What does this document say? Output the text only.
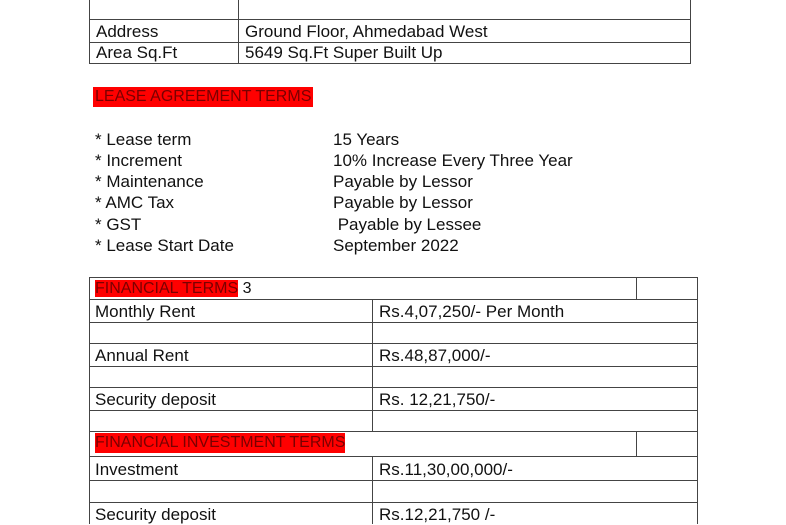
Address	Ground Floor, Ahmedabad West
Area Sq.Ft	5649 Sq.Ft Super Built Up
LEASE AGREEMENT TERMS
* Lease term	15 Years
* Increment	10% Increase Every Three Year
* Maintenance	Payable by Lessor
* AMC Tax	Payable by Lessor
* GST	Payable by Lessee
* Lease Start Date	September 2022
FINANCIAL TERMS 3
Monthly Rent	Rs.4,07,250/- Per Month
Annual Rent	Rs.48,87,000/-
Security deposit	Rs. 12,21,750/-
FINANCIAL INVESTMENT TERMS
Investment	Rs.11,30,00,000/-
Security deposit	Rs.12,21,750 /-
